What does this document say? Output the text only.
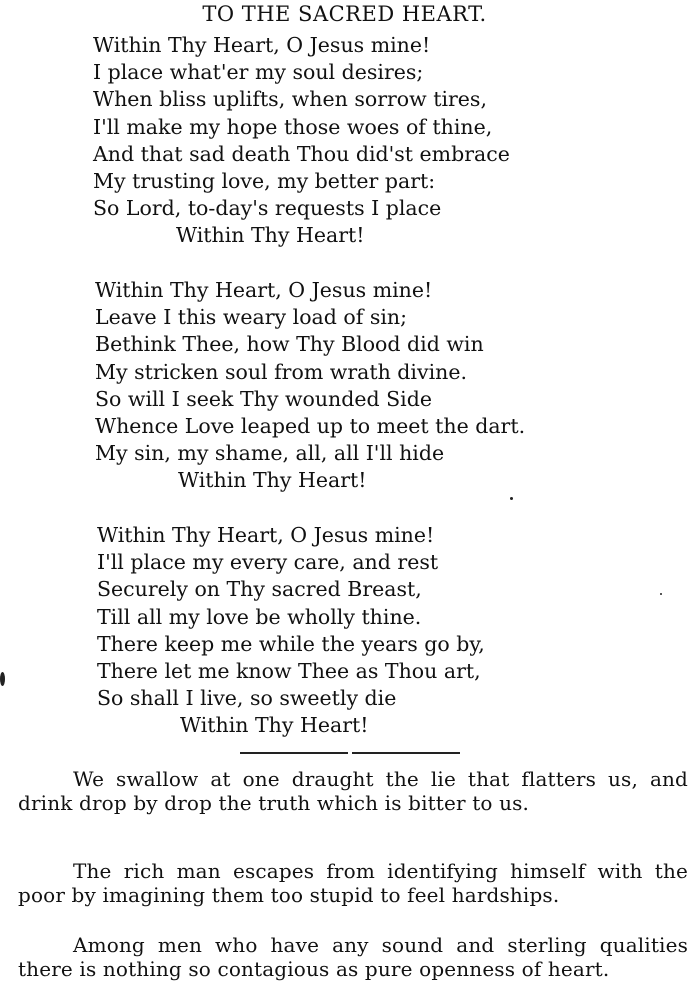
TO THE SACRED HEART.
Within Thy Heart, O Jesus mine!
I place what'er my soul desires;
When bliss uplifts, when sorrow tires,
I'll make my hope those woes of thine,
And that sad death Thou did'st embrace
My trusting love, my better part:
So Lord, to-day's requests I place
Within Thy Heart!
Within Thy Heart, O Jesus mine!
Leave I this weary load of sin;
Bethink Thee, how Thy Blood did win
My stricken soul from wrath divine.
So will I seek Thy wounded Side
Whence Love leaped up to meet the dart.
My sin, my shame, all, all I'll hide
Within Thy Heart!
Within Thy Heart, O Jesus mine!
I'll place my every care, and rest
Securely on Thy sacred Breast,
Till all my love be wholly thine.
There keep me while the years go by,
There let me know Thee as Thou art,
So shall I live, so sweetly die
Within Thy Heart!

We swallow at one draught the lie that flatters us, and drink drop by drop the truth which is bitter to us.

The rich man escapes from identifying himself with the poor by imagining them too stupid to feel hardships.

Among men who have any sound and sterling qualities there is nothing so contagious as pure openness of heart.
